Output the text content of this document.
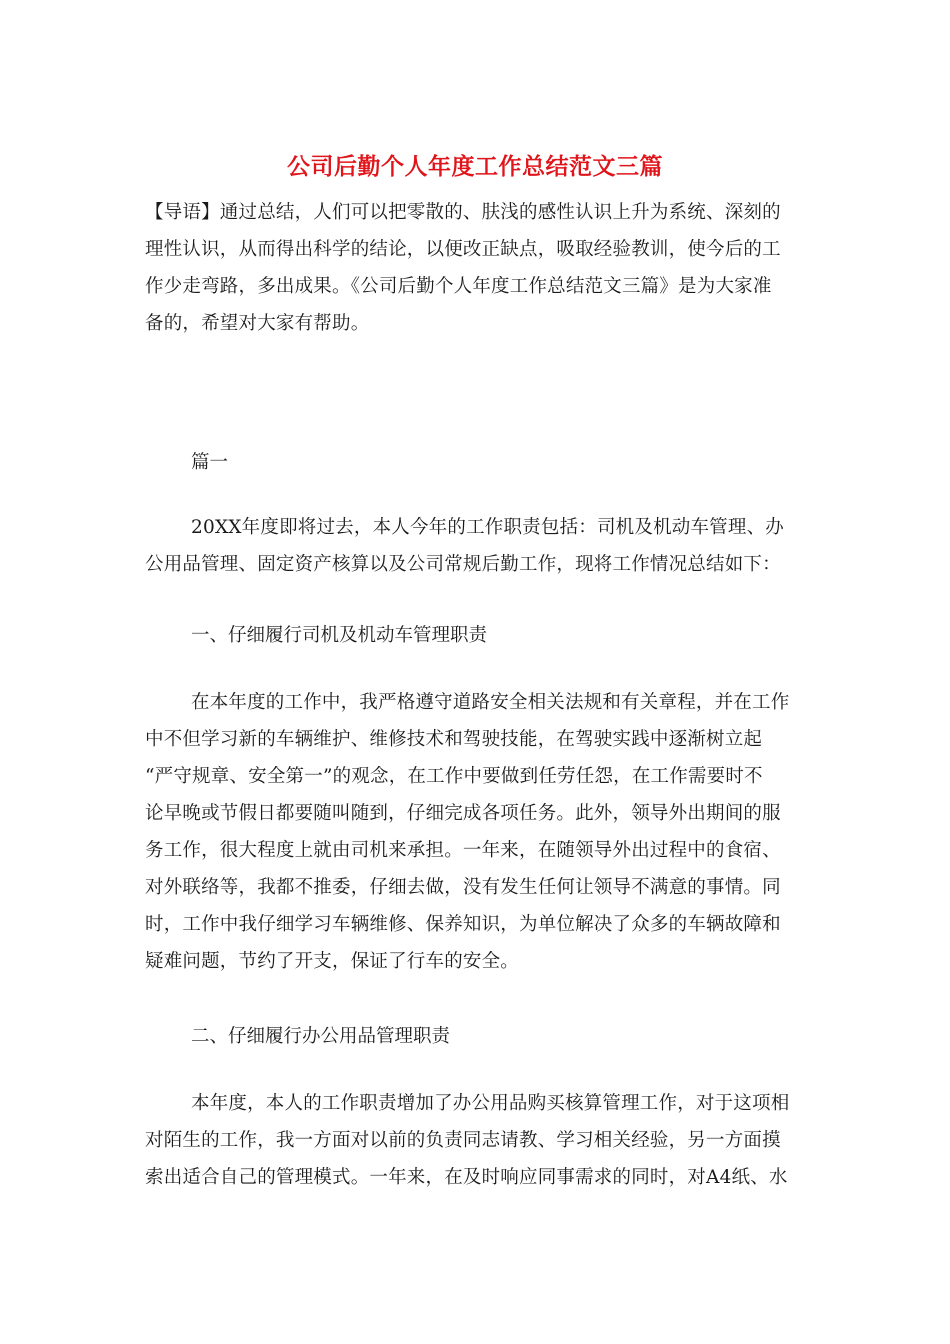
公司后勤个人年度工作总结范文三篇
【导语】通过总结，人们可以把零散的、肤浅的感性认识上升为系统、深刻的
理性认识，从而得出科学的结论，以便改正缺点，吸取经验教训，使今后的工
作少走弯路，多出成果。《公司后勤个人年度工作总结范文三篇》是为大家准
备的，希望对大家有帮助。
篇一
20XX年度即将过去，本人今年的工作职责包括：司机及机动车管理、办
公用品管理、固定资产核算以及公司常规后勤工作，现将工作情况总结如下：
一、仔细履行司机及机动车管理职责
在本年度的工作中，我严格遵守道路安全相关法规和有关章程，并在工作
中不但学习新的车辆维护、维修技术和驾驶技能，在驾驶实践中逐渐树立起
“严守规章、安全第一”的观念，在工作中要做到任劳任怨，在工作需要时不
论早晚或节假日都要随叫随到，仔细完成各项任务。此外，领导外出期间的服
务工作，很大程度上就由司机来承担。一年来，在随领导外出过程中的食宿、
对外联络等，我都不推委，仔细去做，没有发生任何让领导不满意的事情。同
时，工作中我仔细学习车辆维修、保养知识，为单位解决了众多的车辆故障和
疑难问题，节约了开支，保证了行车的安全。
二、仔细履行办公用品管理职责
本年度，本人的工作职责增加了办公用品购买核算管理工作，对于这项相
对陌生的工作，我一方面对以前的负责同志请教、学习相关经验，另一方面摸
索出适合自己的管理模式。一年来，在及时响应同事需求的同时，对A4纸、水
